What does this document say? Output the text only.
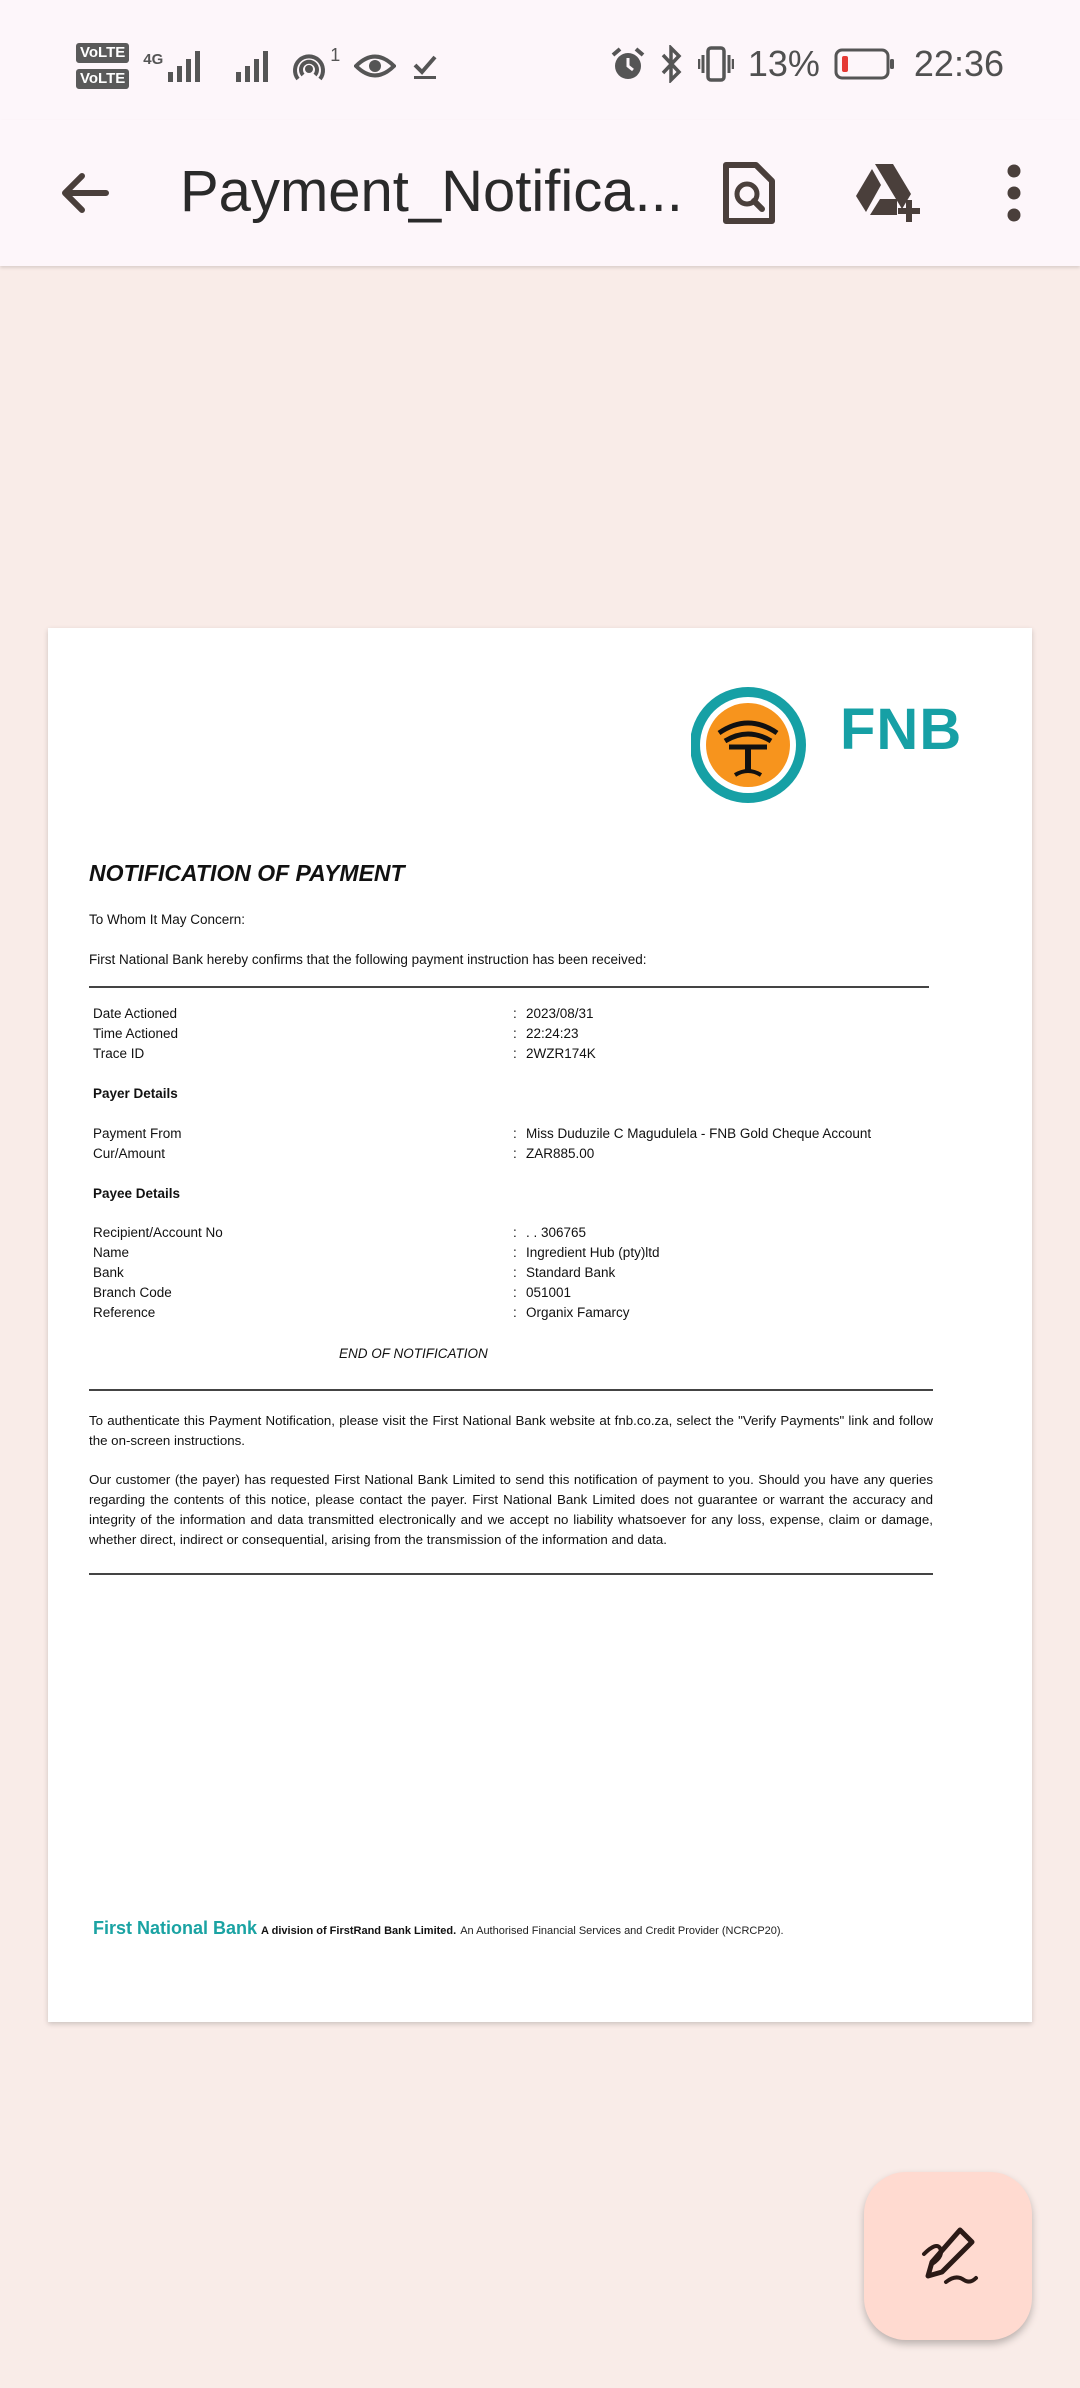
VoLTE
VoLTE
4G	1	13%	22:36
Payment_Notifica...
FNB
NOTIFICATION OF PAYMENT
To Whom It May Concern:
First National Bank hereby confirms that the following payment instruction has been received:
Date Actioned	: 2023/08/31
Time Actioned	: 22:24:23
Trace ID	: 2WZR174K
Payer Details
Payment From	: Miss Duduzile C Magudulela - FNB Gold Cheque Account
Cur/Amount	: ZAR885.00
Payee Details
Recipient/Account No	: . . 306765
Name	: Ingredient Hub (pty)ltd
Bank	: Standard Bank
Branch Code	: 051001
Reference	: Organix Famarcy
END OF NOTIFICATION
To authenticate this Payment Notification, please visit the First National Bank website at fnb.co.za, select the "Verify Payments" link and follow the on-screen instructions.
Our customer (the payer) has requested First National Bank Limited to send this notification of payment to you. Should you have any queries regarding the contents of this notice, please contact the payer. First National Bank Limited does not guarantee or warrant the accuracy and integrity of the information and data transmitted electronically and we accept no liability whatsoever for any loss, expense, claim or damage, whether direct, indirect or consequential, arising from the transmission of the information and data.
First National Bank A division of FirstRand Bank Limited. An Authorised Financial Services and Credit Provider (NCRCP20).
